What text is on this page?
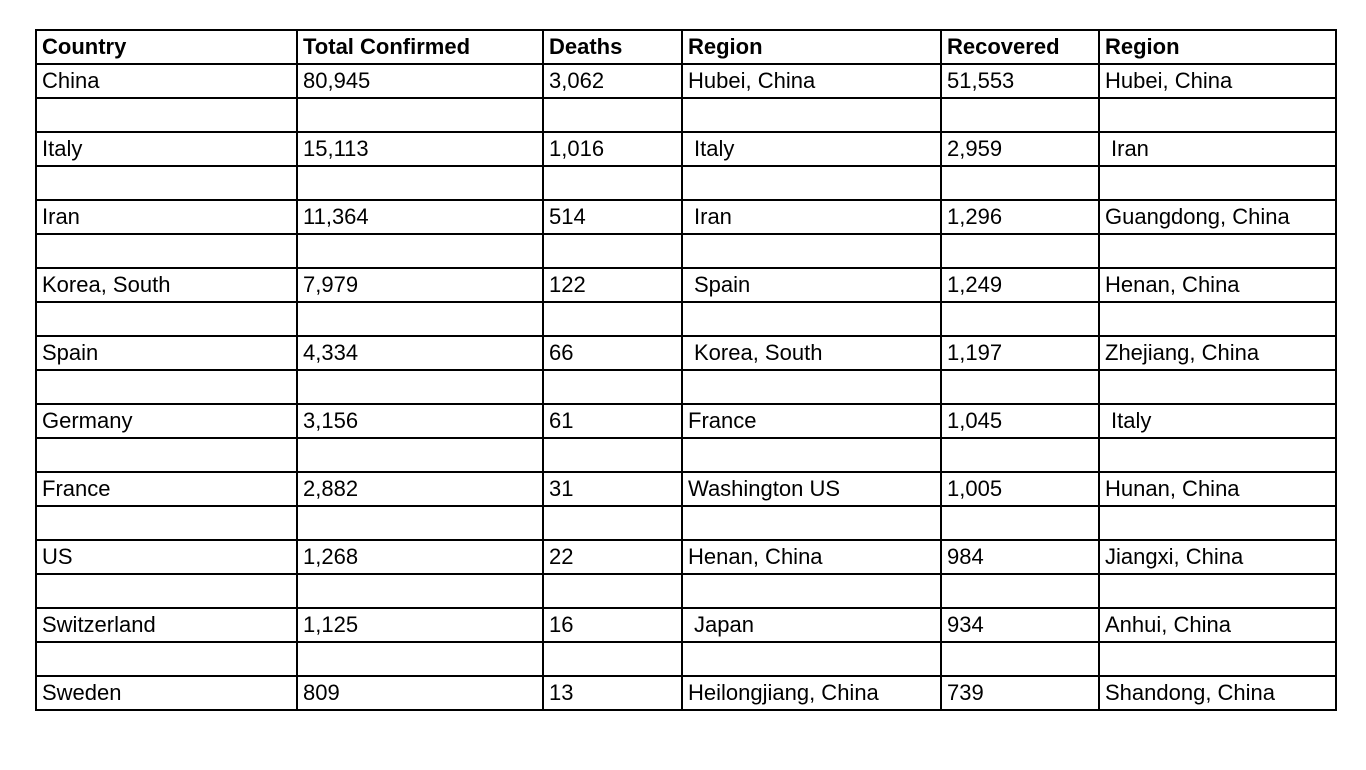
Country	Total Confirmed	Deaths	Region	Recovered	Region
China	80,945	3,062	Hubei, China	51,553	Hubei, China

Italy	15,113	1,016	Italy	2,959	Iran

Iran	11,364	514	Iran	1,296	Guangdong, China

Korea, South	7,979	122	Spain	1,249	Henan, China

Spain	4,334	66	Korea, South	1,197	Zhejiang, China

Germany	3,156	61	France	1,045	Italy

France	2,882	31	Washington US	1,005	Hunan, China

US	1,268	22	Henan, China	984	Jiangxi, China

Switzerland	1,125	16	Japan	934	Anhui, China

Sweden	809	13	Heilongjiang, China	739	Shandong, China
